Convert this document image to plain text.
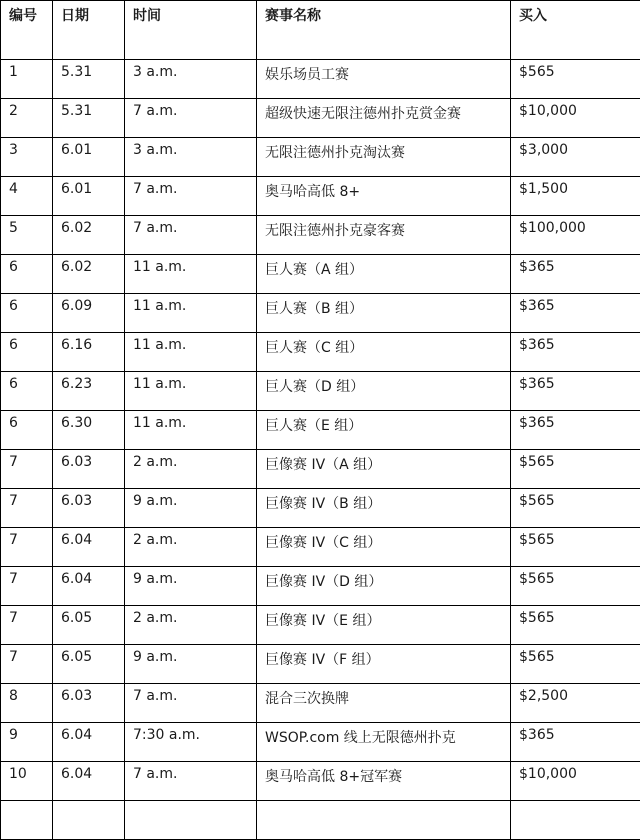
编号	日期	时间	赛事名称	买入
1	5.31	3 a.m.	娱乐场员工赛	$565
2	5.31	7 a.m.	超级快速无限注德州扑克赏金赛	$10,000
3	6.01	3 a.m.	无限注德州扑克淘汰赛	$3,000
4	6.01	7 a.m.	奥马哈高低 8+	$1,500
5	6.02	7 a.m.	无限注德州扑克豪客赛	$100,000
6	6.02	11 a.m.	巨人赛（A 组）	$365
6	6.09	11 a.m.	巨人赛（B 组）	$365
6	6.16	11 a.m.	巨人赛（C 组）	$365
6	6.23	11 a.m.	巨人赛（D 组）	$365
6	6.30	11 a.m.	巨人赛（E 组）	$365
7	6.03	2 a.m.	巨像赛 IV（A 组）	$565
7	6.03	9 a.m.	巨像赛 IV（B 组）	$565
7	6.04	2 a.m.	巨像赛 IV（C 组）	$565
7	6.04	9 a.m.	巨像赛 IV（D 组）	$565
7	6.05	2 a.m.	巨像赛 IV（E 组）	$565
7	6.05	9 a.m.	巨像赛 IV（F 组）	$565
8	6.03	7 a.m.	混合三次换牌	$2,500
9	6.04	7:30 a.m.	WSOP.com 线上无限德州扑克	$365
10	6.04	7 a.m.	奥马哈高低 8+冠军赛	$10,000
